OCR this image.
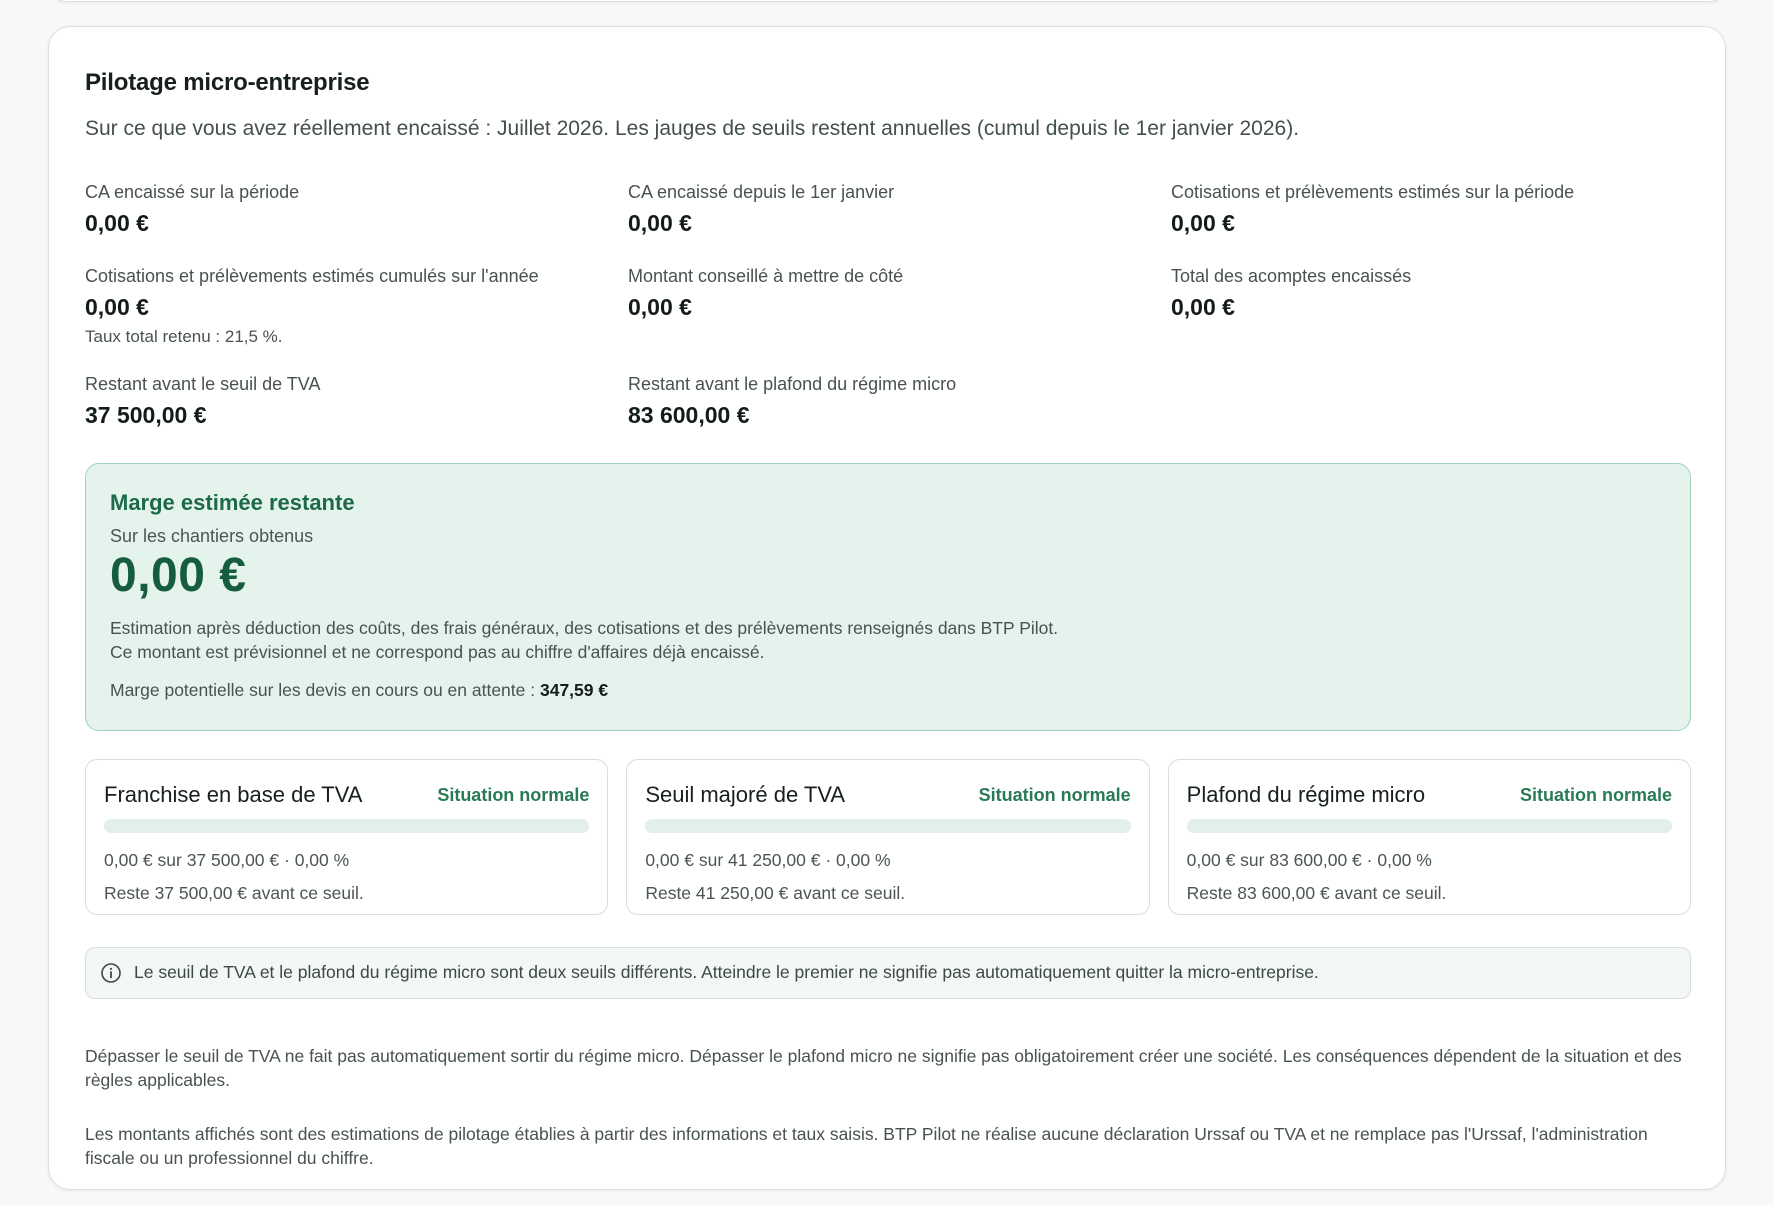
Pilotage micro-entreprise
Sur ce que vous avez réellement encaissé : Juillet 2026. Les jauges de seuils restent annuelles (cumul depuis le 1er janvier 2026).
CA encaissé sur la période
0,00 €
CA encaissé depuis le 1er janvier
0,00 €
Cotisations et prélèvements estimés sur la période
0,00 €
Cotisations et prélèvements estimés cumulés sur l'année
0,00 €
Taux total retenu : 21,5 %.
Montant conseillé à mettre de côté
0,00 €
Total des acomptes encaissés
0,00 €
Restant avant le seuil de TVA
37 500,00 €
Restant avant le plafond du régime micro
83 600,00 €
Marge estimée restante
Sur les chantiers obtenus
0,00 €
Estimation après déduction des coûts, des frais généraux, des cotisations et des prélèvements renseignés dans BTP Pilot.
Ce montant est prévisionnel et ne correspond pas au chiffre d'affaires déjà encaissé.
Marge potentielle sur les devis en cours ou en attente : 347,59 €
Franchise en base de TVA	Situation normale
0,00 € sur 37 500,00 € · 0,00 %
Reste 37 500,00 € avant ce seuil.
Seuil majoré de TVA	Situation normale
0,00 € sur 41 250,00 € · 0,00 %
Reste 41 250,00 € avant ce seuil.
Plafond du régime micro	Situation normale
0,00 € sur 83 600,00 € · 0,00 %
Reste 83 600,00 € avant ce seuil.
Le seuil de TVA et le plafond du régime micro sont deux seuils différents. Atteindre le premier ne signifie pas automatiquement quitter la micro-entreprise.
Dépasser le seuil de TVA ne fait pas automatiquement sortir du régime micro. Dépasser le plafond micro ne signifie pas obligatoirement créer une société. Les conséquences dépendent de la situation et des règles applicables.
Les montants affichés sont des estimations de pilotage établies à partir des informations et taux saisis. BTP Pilot ne réalise aucune déclaration Urssaf ou TVA et ne remplace pas l'Urssaf, l'administration fiscale ou un professionnel du chiffre.
